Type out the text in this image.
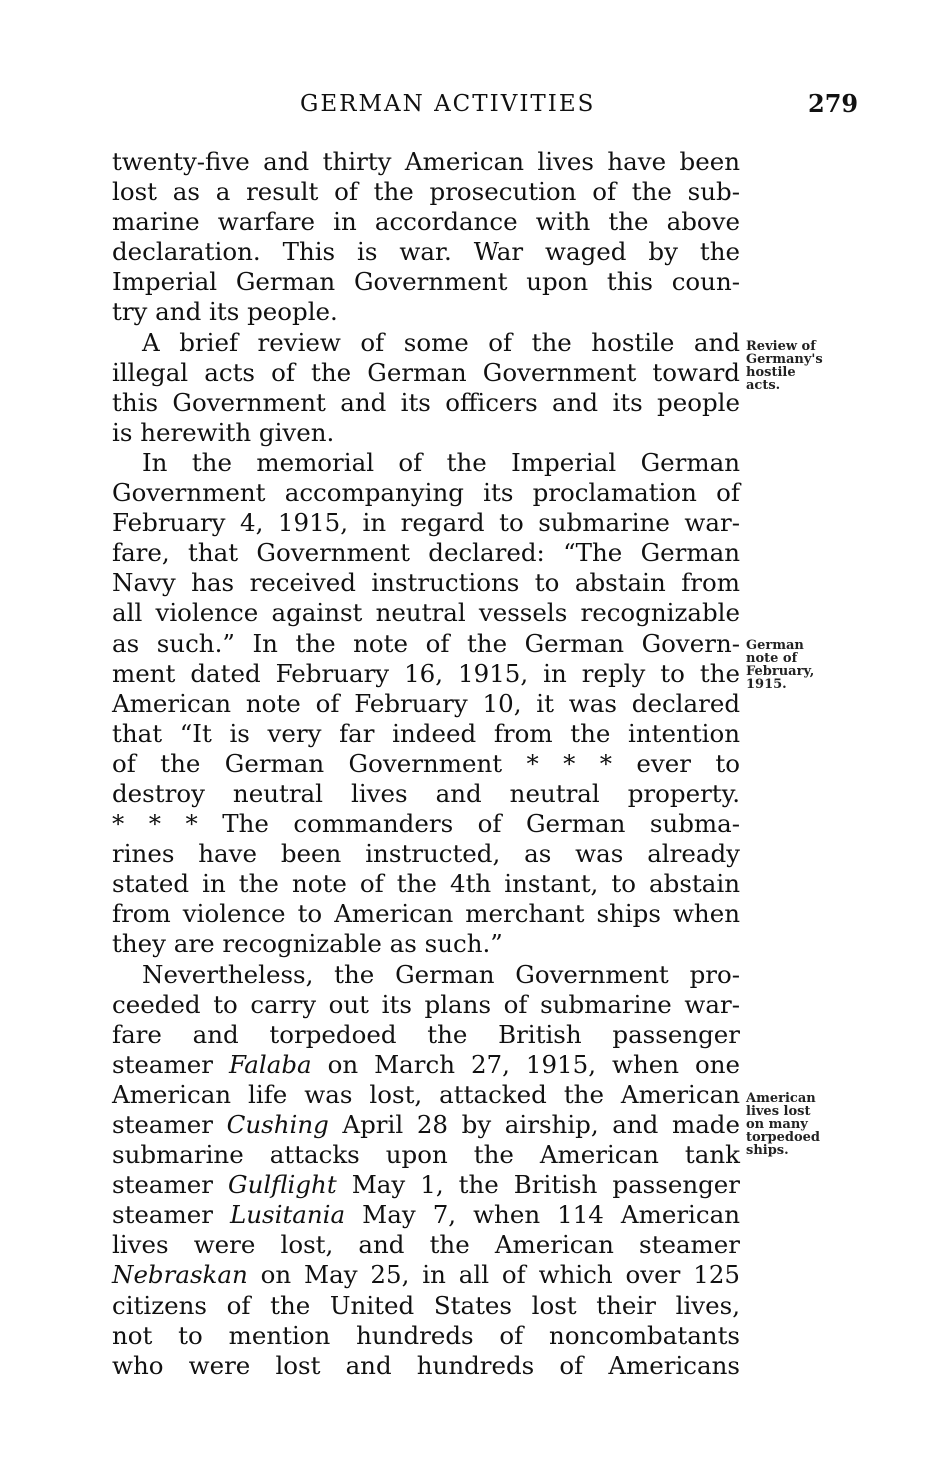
GERMAN ACTIVITIES	279
twenty-five and thirty American lives have been
lost as a result of the prosecution of the sub-
marine warfare in accordance with the above
declaration. This is war. War waged by the
Imperial German Government upon this coun-
try and its people.
A brief review of some of the hostile and
illegal acts of the German Government toward
this Government and its officers and its people
is herewith given.
In the memorial of the Imperial German
Government accompanying its proclamation of
February 4, 1915, in regard to submarine war-
fare, that Government declared: “The German
Navy has received instructions to abstain from
all violence against neutral vessels recognizable
as such.” In the note of the German Govern-
ment dated February 16, 1915, in reply to the
American note of February 10, it was declared
that “It is very far indeed from the intention
of the German Government * * * ever to
destroy neutral lives and neutral property.
* * * The commanders of German subma-
rines have been instructed, as was already
stated in the note of the 4th instant, to abstain
from violence to American merchant ships when
they are recognizable as such.”
Nevertheless, the German Government pro-
ceeded to carry out its plans of submarine war-
fare and torpedoed the British passenger
steamer Falaba on March 27, 1915, when one
American life was lost, attacked the American
steamer Cushing April 28 by airship, and made
submarine attacks upon the American tank
steamer Gulflight May 1, the British passenger
steamer Lusitania May 7, when 114 American
lives were lost, and the American steamer
Nebraskan on May 25, in all of which over 125
citizens of the United States lost their lives,
not to mention hundreds of noncombatants
who were lost and hundreds of Americans
Review of
Germany's
hostile
acts.
German
note of
February,
1915.
American
lives lost
on many
torpedoed
ships.
